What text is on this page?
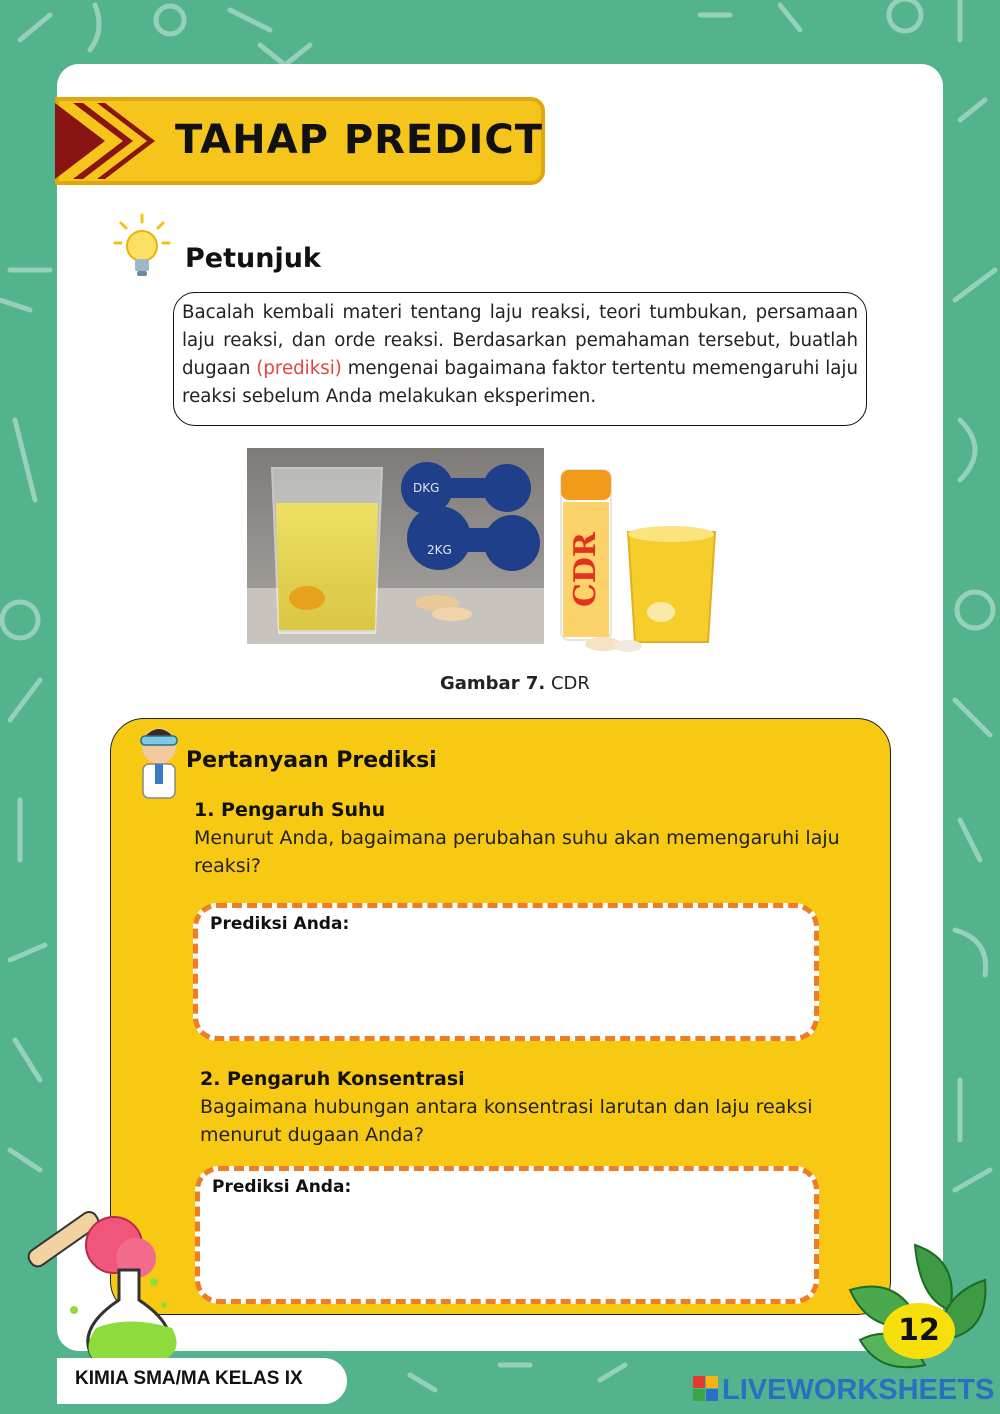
TAHAP PREDICT
Petunjuk
Bacalah kembali materi tentang laju reaksi, teori tumbukan, persamaan laju reaksi, dan orde reaksi. Berdasarkan pemahaman tersebut, buatlah dugaan (prediksi) mengenai bagaimana faktor tertentu memengaruhi laju reaksi sebelum Anda melakukan eksperimen.
DKG
2KG	CDR
Gambar 7. CDR
Pertanyaan Prediksi
1. Pengaruh Suhu
Menurut Anda, bagaimana perubahan suhu akan memengaruhi laju reaksi?
Prediksi Anda:
2. Pengaruh Konsentrasi
Bagaimana hubungan antara konsentrasi larutan dan laju reaksi menurut dugaan Anda?
Prediksi Anda:
KIMIA SMA/MA KELAS IX
12
LIVEWORKSHEETS
